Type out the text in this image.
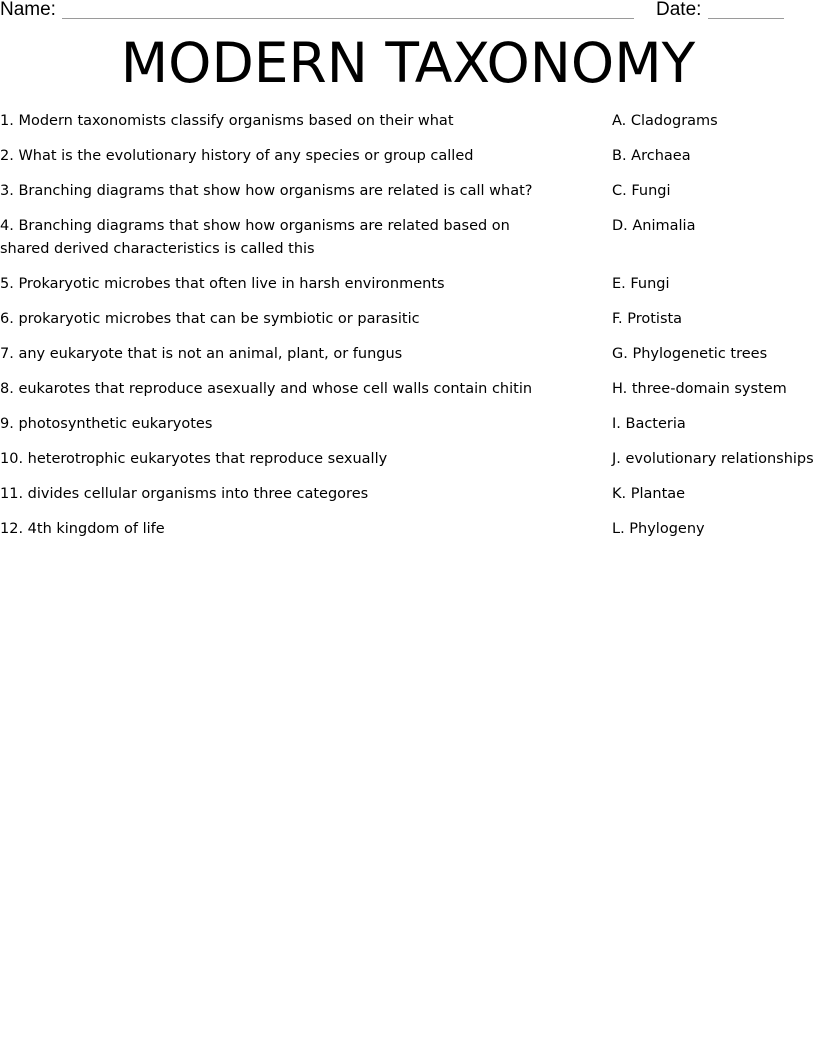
Name:	Date:
MODERN TAXONOMY
1. Modern taxonomists classify organisms based on their what
2. What is the evolutionary history of any species or group called
3. Branching diagrams that show how organisms are related is call what?
4. Branching diagrams that show how organisms are related based on shared derived characteristics is called this
5. Prokaryotic microbes that often live in harsh environments
6. prokaryotic microbes that can be symbiotic or parasitic
7. any eukaryote that is not an animal, plant, or fungus
8. eukarotes that reproduce asexually and whose cell walls contain chitin
9. photosynthetic eukaryotes
10. heterotrophic eukaryotes that reproduce sexually
11. divides cellular organisms into three categores
12. 4th kingdom of life
A. Cladograms
B. Archaea
C. Fungi
D. Animalia
E. Fungi
F. Protista
G. Phylogenetic trees
H. three-domain system
I. Bacteria
J. evolutionary relationships
K. Plantae
L. Phylogeny
